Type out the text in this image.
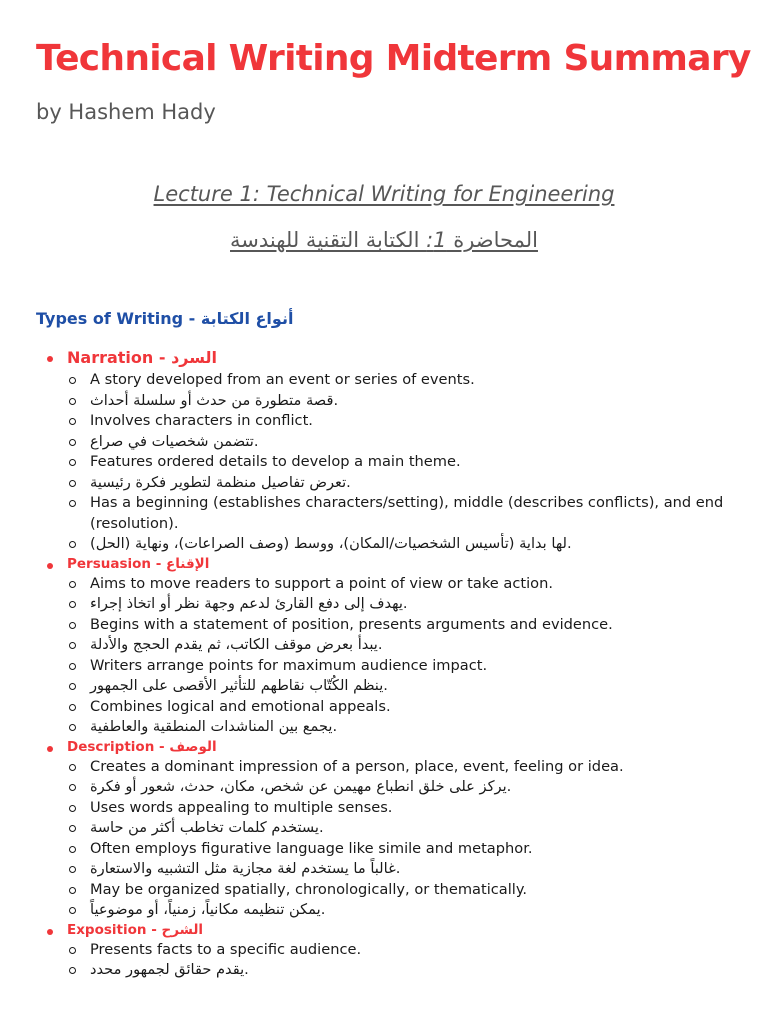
Technical Writing Midterm Summary
by Hashem Hady
Lecture 1: Technical Writing for Engineering
المحاضرة 1: الكتابة التقنية للهندسة
Types of Writing - أنواع الكتابة
Narration - السرد
A story developed from an event or series of events.
قصة متطورة من حدث أو سلسلة أحداث.
Involves characters in conflict.
تتضمن شخصيات في صراع.
Features ordered details to develop a main theme.
تعرض تفاصيل منظمة لتطوير فكرة رئيسية.
Has a beginning (establishes characters/setting), middle (describes conflicts), and end (resolution).
لها بداية (تأسيس الشخصيات/المكان)، ووسط (وصف الصراعات)، ونهاية (الحل).
Persuasion - الإقناع
Aims to move readers to support a point of view or take action.
يهدف إلى دفع القارئ لدعم وجهة نظر أو اتخاذ إجراء.
Begins with a statement of position, presents arguments and evidence.
يبدأ بعرض موقف الكاتب، ثم يقدم الحجج والأدلة.
Writers arrange points for maximum audience impact.
ينظم الكُتّاب نقاطهم للتأثير الأقصى على الجمهور.
Combines logical and emotional appeals.
يجمع بين المناشدات المنطقية والعاطفية.
Description - الوصف
Creates a dominant impression of a person, place, event, feeling or idea.
يركز على خلق انطباع مهيمن عن شخص، مكان، حدث، شعور أو فكرة.
Uses words appealing to multiple senses.
يستخدم كلمات تخاطب أكثر من حاسة.
Often employs figurative language like simile and metaphor.
غالباً ما يستخدم لغة مجازية مثل التشبيه والاستعارة.
May be organized spatially, chronologically, or thematically.
يمكن تنظيمه مكانياً، زمنياً، أو موضوعياً.
Exposition - الشرح
Presents facts to a specific audience.
يقدم حقائق لجمهور محدد.
